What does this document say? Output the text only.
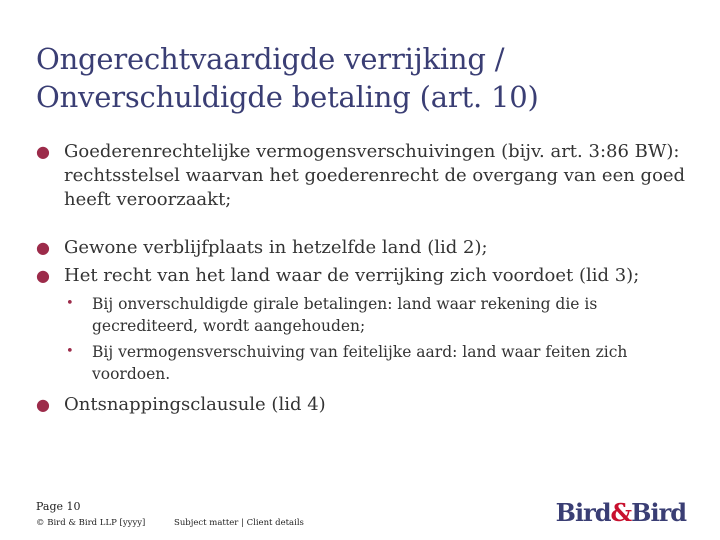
Ongerechtvaardigde verrijking /
Onverschuldigde betaling (art. 10)
● Goederenrechtelijke vermogensverschuivingen (bijv. art. 3:86 BW): rechtsstelsel waarvan het goederenrecht de overgang van een goed heeft veroorzaakt;
● Gewone verblijfplaats in hetzelfde land (lid 2);
● Het recht van het land waar de verrijking zich voordoet (lid 3);
• Bij onverschuldigde girale betalingen: land waar rekening die is gecrediteerd, wordt aangehouden;
• Bij vermogensverschuiving van feitelijke aard: land waar feiten zich voordoen.
● Ontsnappingsclausule (lid 4)
Page 10
© Bird & Bird LLP [yyyy]	Subject matter | Client details	Bird&Bird
